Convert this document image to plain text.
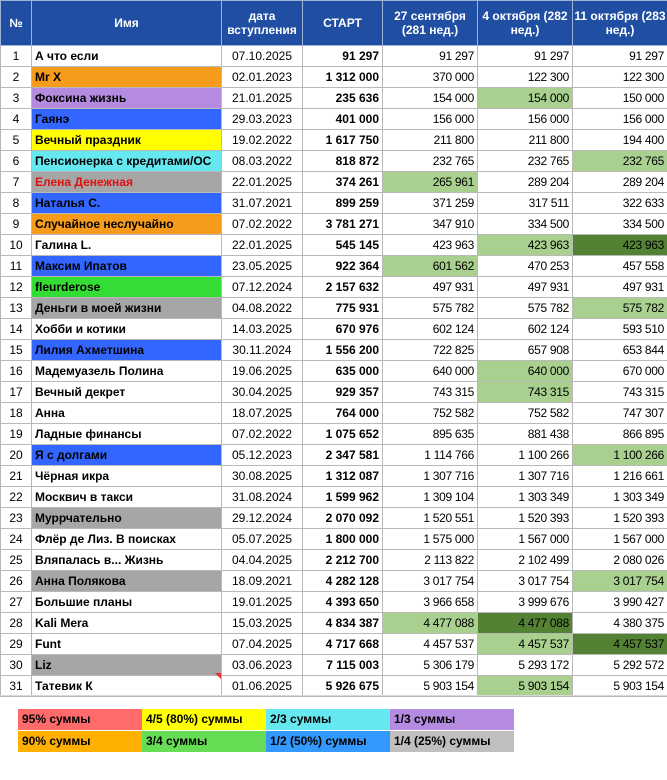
№	Имя	дата вступления	СТАРТ	27 сентября (281 нед.)	4 октября (282 нед.)	11 октября (283 нед.)
1	А что если	07.10.2025	91 297	91 297	91 297	91 297
2	Mr X	02.01.2023	1 312 000	370 000	122 300	122 300
3	Фоксина жизнь	21.01.2025	235 636	154 000	154 000	150 000
4	Гаянэ	29.03.2023	401 000	156 000	156 000	156 000
5	Вечный праздник	19.02.2022	1 617 750	211 800	211 800	194 400
6	Пенсионерка с кредитами/ОС	08.03.2022	818 872	232 765	232 765	232 765
7	Елена Денежная	22.01.2025	374 261	265 961	289 204	289 204
8	Наталья С.	31.07.2021	899 259	371 259	317 511	322 633
9	Случайное неслучайно	07.02.2022	3 781 271	347 910	334 500	334 500
10	Галина L.	22.01.2025	545 145	423 963	423 963	423 963
11	Максим Ипатов	23.05.2025	922 364	601 562	470 253	457 558
12	fleurderose	07.12.2024	2 157 632	497 931	497 931	497 931
13	Деньги в моей жизни	04.08.2022	775 931	575 782	575 782	575 782
14	Хобби и котики	14.03.2025	670 976	602 124	602 124	593 510
15	Лилия Ахметшина	30.11.2024	1 556 200	722 825	657 908	653 844
16	Мадемуазель Полина	19.06.2025	635 000	640 000	640 000	670 000
17	Вечный декрет	30.04.2025	929 357	743 315	743 315	743 315
18	Анна	18.07.2025	764 000	752 582	752 582	747 307
19	Ладные финансы	07.02.2022	1 075 652	895 635	881 438	866 895
20	Я с долгами	05.12.2023	2 347 581	1 114 766	1 100 266	1 100 266
21	Чёрная икра	30.08.2025	1 312 087	1 307 716	1 307 716	1 216 661
22	Москвич в такси	31.08.2024	1 599 962	1 309 104	1 303 349	1 303 349
23	Муррчательно	29.12.2024	2 070 092	1 520 551	1 520 393	1 520 393
24	Флёр де Лиз. В поисках	05.07.2025	1 800 000	1 575 000	1 567 000	1 567 000
25	Вляпалась в... Жизнь	04.04.2025	2 212 700	2 113 822	2 102 499	2 080 026
26	Анна Полякова	18.09.2021	4 282 128	3 017 754	3 017 754	3 017 754
27	Большие планы	19.01.2025	4 393 650	3 966 658	3 999 676	3 990 427
28	Kali Mera	15.03.2025	4 834 387	4 477 088	4 477 088	4 380 375
29	Funt	07.04.2025	4 717 668	4 457 537	4 457 537	4 457 537
30	Liz	03.06.2023	7 115 003	5 306 179	5 293 172	5 292 572
31	Татевик К	01.06.2025	5 926 675	5 903 154	5 903 154	5 903 154
95% суммы	4/5 (80%) суммы	2/3 суммы	1/3 суммы
90% суммы	3/4 суммы	1/2 (50%) суммы	1/4 (25%) суммы
